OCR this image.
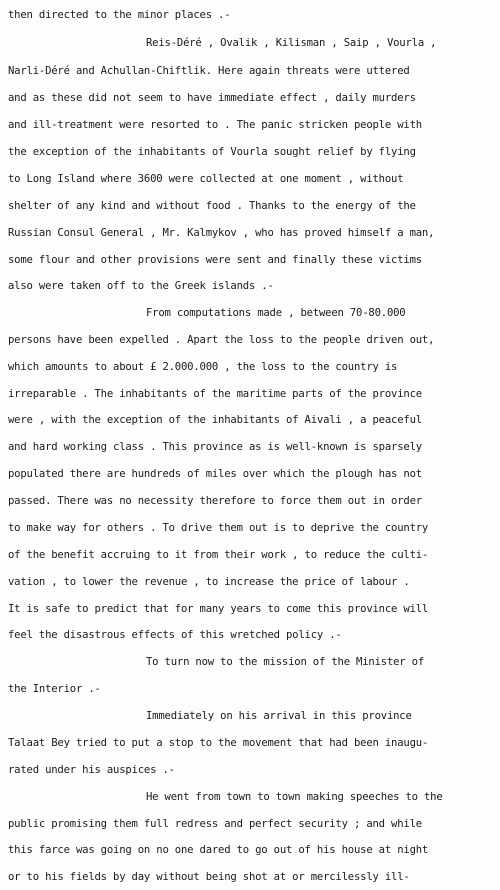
then directed to the minor places .-
Reis-Déré , Ovalik , Kilisman , Saip , Vourla ,
Narli-Déré and Achullan-Chiftlik. Here again threats were uttered
and as these did not seem to have immediate effect , daily murders
and ill-treatment were resorted to . The panic stricken people with
the exception of the inhabitants of Vourla sought relief by flying
to Long Island where 3600 were collected at one moment , without
shelter of any kind and without food . Thanks to the energy of the
Russian Consul General , Mr. Kalmykov , who has proved himself a man,
some flour and other provisions were sent and finally these victims
also were taken off to the Greek islands .-
From computations made , between 70-80.000
persons have been expelled . Apart the loss to the people driven out,
which amounts to about £ 2.000.000 , the loss to the country is
irreparable . The inhabitants of the maritime parts of the province
were , with the exception of the inhabitants of Aivali , a peaceful
and hard working class . This province as is well-known is sparsely
populated there are hundreds of miles over which the plough has not
passed. There was no necessity therefore to force them out in order
to make way for others . To drive them out is to deprive the country
of the benefit accruing to it from their work , to reduce the culti-
vation , to lower the revenue , to increase the price of labour .
It is safe to predict that for many years to come this province will
feel the disastrous effects of this wretched policy .-
To turn now to the mission of the Minister of
the Interior .-
Immediately on his arrival in this province
Talaat Bey tried to put a stop to the movement that had been inaugu-
rated under his auspices .-
He went from town to town making speeches to the
public promising them full redress and perfect security ; and while
this farce was going on no one dared to go out of his house at night
or to his fields by day without being shot at or mercilessly ill-
